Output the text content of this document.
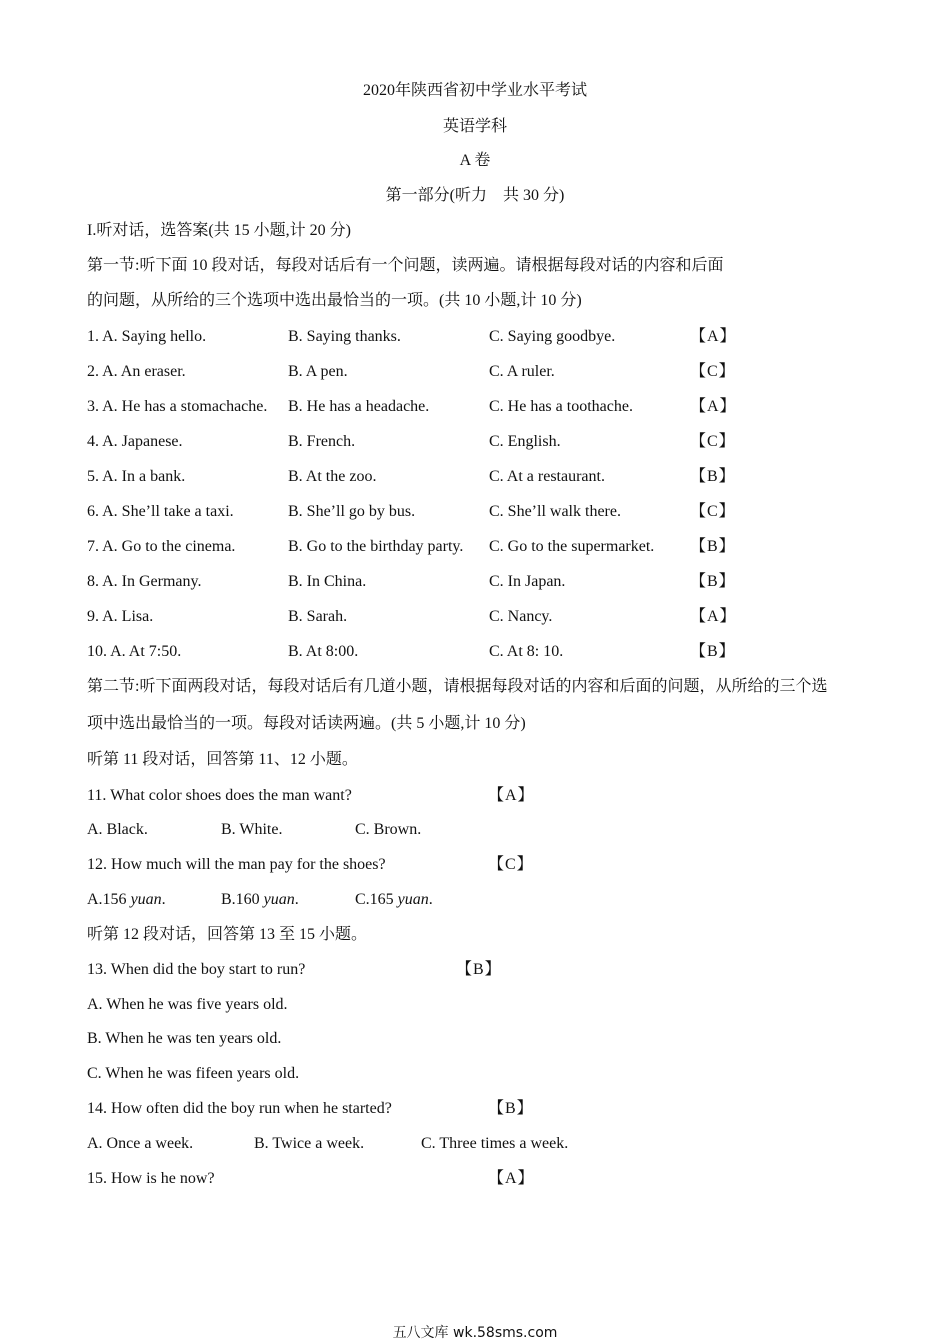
2020年陕西省初中学业水平考试
英语学科
A 卷
第一部分(听力　共 30 分)
I.听对话，选答案(共 15 小题,计 20 分)
第一节:听下面 10 段对话，每段对话后有一个问题，读两遍。请根据每段对话的内容和后面
的问题，从所给的三个选项中选出最恰当的一项。(共 10 小题,计 10 分)
1. A. Saying hello.	B. Saying thanks.	C. Saying goodbye.	【A】
2. A. An eraser.	B. A pen.	C. A ruler.	【C】
3. A. He has a stomachache. B. He has a headache.	C. He has a toothache.	【A】
4. A. Japanese.	B. French.	C. English.	【C】
5. A. In a bank.	B. At the zoo.	C. At a restaurant.	【B】
6. A. She’ll take a taxi.	B. She’ll go by bus.	C. She’ll walk there.	【C】
7. A. Go to the cinema.	B. Go to the birthday party. C. Go to the supermarket. 【B】
8. A. In Germany.	B. In China.	C. In Japan.	【B】
9. A. Lisa.	B. Sarah.	C. Nancy.	【A】
10. A. At 7:50.	B. At 8:00.	C. At 8: 10.	【B】
第二节:听下面两段对话，每段对话后有几道小题，请根据每段对话的内容和后面的问题，从所给的三个选
项中选出最恰当的一项。每段对话读两遍。(共 5 小题,计 10 分)
听第 11 段对话，回答第 11、12 小题。
11. What color shoes does the man want?	【A】
A. Black.	B. White.	C. Brown.
12. How much will the man pay for the shoes?	【C】
A.156 yuan.	B.160 yuan.	C.165 yuan.
听第 12 段对话，回答第 13 至 15 小题。
13. When did the boy start to run?	【B】
A. When he was five years old.
B. When he was ten years old.
C. When he was fifeen years old.
14. How often did the boy run when he started?	【B】
A. Once a week.	B. Twice a week.	C. Three times a week.
15. How is he now?	【A】
五八文库 wk.58sms.com
